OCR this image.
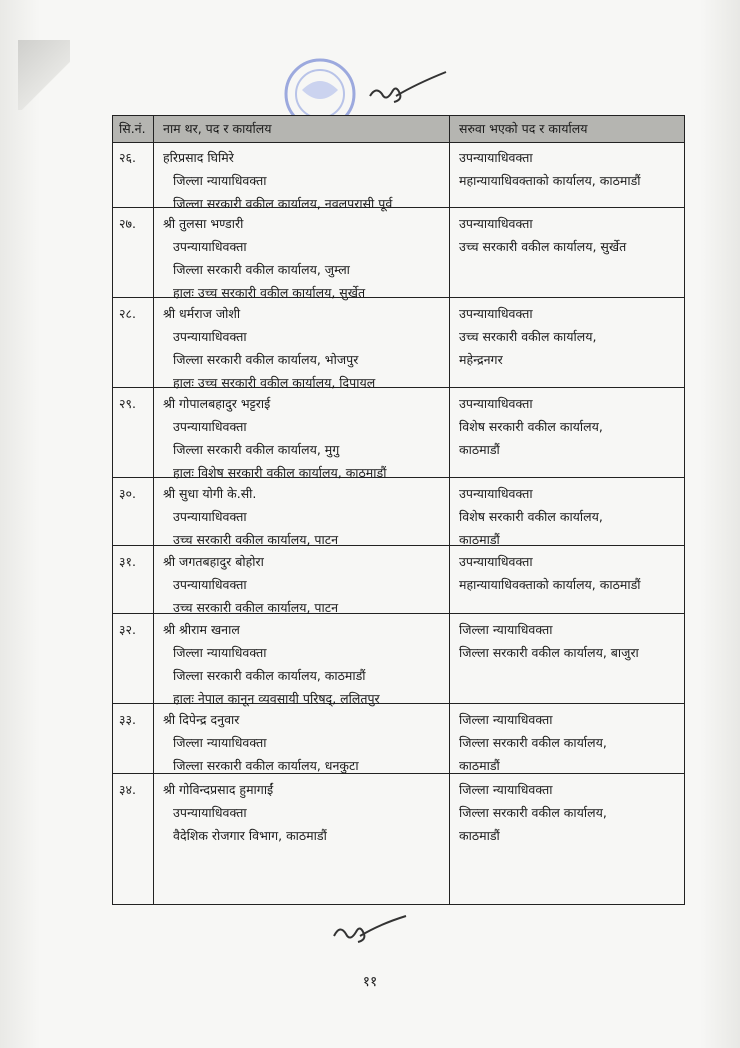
सि.नं. नाम थर, पद र कार्यालय	सरुवा भएको पद र कार्यालय
२६. हरिप्रसाद घिमिरे
जिल्ला न्यायाधिवक्ता
जिल्ला सरकारी वकील कार्यालय, नवलपरासी पूर्व
उपन्यायाधिवक्ता
महान्यायाधिवक्ताको कार्यालय, काठमाडौं
२७. श्री तुलसा भण्डारी
उपन्यायाधिवक्ता
जिल्ला सरकारी वकील कार्यालय, जुम्ला
हालः उच्च सरकारी वकील कार्यालय, सुर्खेत
उपन्यायाधिवक्ता
उच्च सरकारी वकील कार्यालय, सुर्खेत
२८. श्री धर्मराज जोशी
उपन्यायाधिवक्ता
जिल्ला सरकारी वकील कार्यालय, भोजपुर
हालः उच्च सरकारी वकील कार्यालय, दिपायल
उपन्यायाधिवक्ता
उच्च सरकारी वकील कार्यालय,
महेन्द्रनगर
२९. श्री गोपालबहादुर भट्टराई
उपन्यायाधिवक्ता
जिल्ला सरकारी वकील कार्यालय, मुगु
हालः विशेष सरकारी वकील कार्यालय, काठमाडौं
उपन्यायाधिवक्ता
विशेष सरकारी वकील कार्यालय,
काठमाडौं
३०. श्री सुधा योगी के.सी.
उपन्यायाधिवक्ता
उच्च सरकारी वकील कार्यालय, पाटन
उपन्यायाधिवक्ता
विशेष सरकारी वकील कार्यालय,
काठमाडौं
३१. श्री जगतबहादुर बोहोरा
उपन्यायाधिवक्ता
उच्च सरकारी वकील कार्यालय, पाटन
उपन्यायाधिवक्ता
महान्यायाधिवक्ताको कार्यालय, काठमाडौं
३२. श्री श्रीराम खनाल
जिल्ला न्यायाधिवक्ता
जिल्ला सरकारी वकील कार्यालय, काठमाडौं
हालः नेपाल कानून व्यवसायी परिषद्, ललितपुर
जिल्ला न्यायाधिवक्ता
जिल्ला सरकारी वकील कार्यालय, बाजुरा
३३. श्री दिपेन्द्र दनुवार
जिल्ला न्यायाधिवक्ता
जिल्ला सरकारी वकील कार्यालय, धनकुटा
जिल्ला न्यायाधिवक्ता
जिल्ला सरकारी वकील कार्यालय,
काठमाडौं
३४. श्री गोविन्दप्रसाद हुमागाईं
उपन्यायाधिवक्ता
वैदेशिक रोजगार विभाग, काठमाडौं
जिल्ला न्यायाधिवक्ता
जिल्ला सरकारी वकील कार्यालय,
काठमाडौं
११
